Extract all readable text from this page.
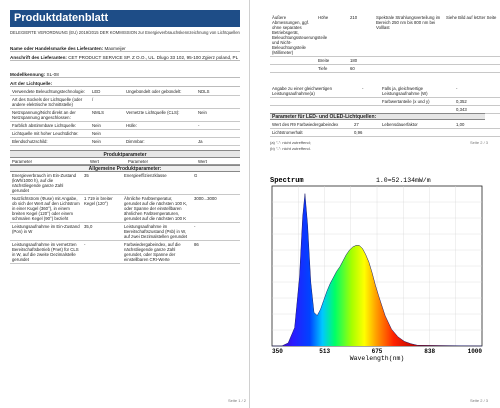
Produktdatenblatt
DELEGIERTE VERORDNUNG (EU) 2019/2015 DER KOMMISSION zur Energieverbrauchskennzeichnung von Lichtquellen
Name oder Handelsmarke des Lieferanten: Maxmeijer
Anschrift des Lieferanten: CET PRODUCT SERVICE SP. Z O.O., UL. Dlugo 33 102, 95-100 Zgierz poland, PL
Modellkennung: SL-08
Art der Lichtquelle:
Verwendete Beleuchtungstechnologie:	LED	Ungebündelt oder gebündelt:	NDLS
Art des Sockels der Lichtquelle (oder andere elektrische Schnittstelle)	/		
Netzspannung/Nicht direkt an der Netzspannung angeschlossen:	NMLS	Vernetzte Lichtquelle (CLS):	Nein
Farblich abstimmbare Lichtquelle:	Nein	Hülle:	-
Lichtquelle mit hoher Leuchtdichte:	Nein		
Blendschutzschild:	Nein	Dimmbar:	Ja
Produktparameter
Parameter	Wert	Parameter	Wert
Allgemeine Produktparameter:
Energieverbrauch im Ein-Zustand (kWh/1000 h), auf die nächstliegende ganze Zahl gerundet	35	Energieeffizienzklasse	G
Nutzlichtstrom (Φuse) mit Angabe, ob sich der Wert auf den Lichtstrom in einer Kugel (360°), in einem breiten Kegel (120°) oder einem schmalen Kegel (90°) bezieht	1 719 in breiter Kegel (120°)	Ähnliche Farbtemperatur, gerundet auf die nächsten 100 K, oder Spanne der einstellbaren ähnlichen Farbtemperaturen, gerundet auf die nächsten 100 K	3000...3000
Leistungsaufnahme im Ein-Zustand (Pon) in W	35,0	Leistungsaufnahme im Bereitschaftszustand (Psb) in W, auf zwei Dezimalstellen gerundet	-
Leistungsaufnahme im vernetzten Bereitschaftsbetrieb (Pnet) für CLS in W, auf die zweite Dezimalstelle gerundet	-	Farbwiedergabeindex, auf die nächstliegende ganze Zahl gerundet, oder Spanne der einstellbaren CRI-Werte	86
Seite 1 / 2
Äußere Abmessungen, ggf. ohne separates Betriebsgerät, Beleuchtungssteuerungsteile und Nicht-Beleuchtungsteile (Millimeter)	Höhe	210	Spektrale Strahlungsverteilung im Bereich 250 nm bis 800 nm bei Volllast	Siehe Bild auf letzter Seite
	Breite	180		
	Tiefe	60		
Angabe zu einer gleichwertigen Leistungsaufnahme(a)	-	Falls ja, gleichwertige Leistungsaufnahme (W)	-
		Farbwertanteile (x und y)	0,352
			0,343
Parameter für LED- und OLED-Lichtquellen:
Wert des R9 Farbwiedergabeindex	27	Lebensdauerfaktor	1,00
Lichtstromerhalt	0,96		
Seite 2 / 3
Seite 2 / 3
(a) "-": nicht zutreffend;
(b) "-": nicht zutreffend.
Spectrum	1.0=52.134mW/m
350	513	675	838	1000
Wavelength(nm)
